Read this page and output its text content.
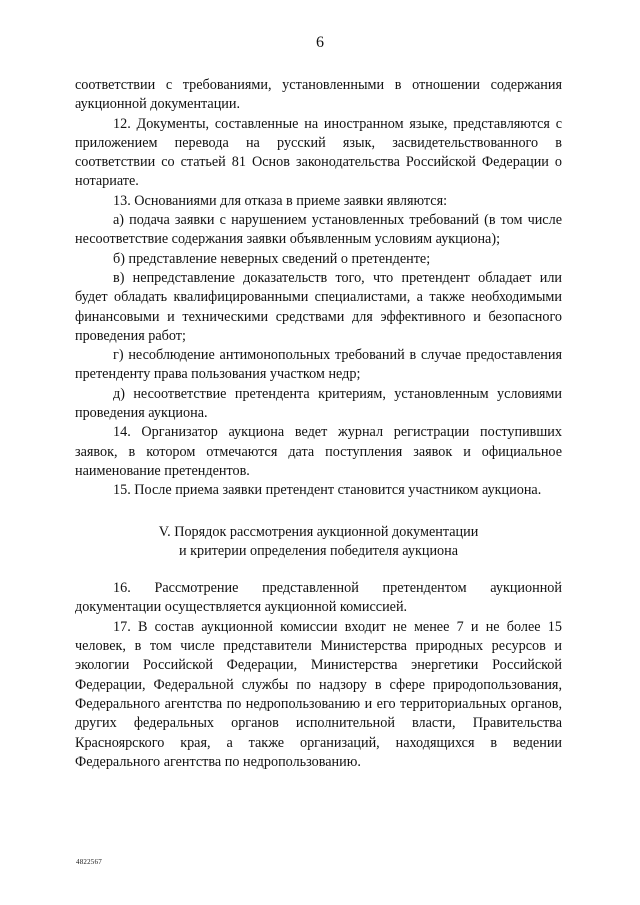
6

соответствии с требованиями, установленными в отношении содержания аукционной документации.

12. Документы, составленные на иностранном языке, представляются с приложением перевода на русский язык, засвидетельствованного в соответствии со статьей 81 Основ законодательства Российской Федерации о нотариате.

13. Основаниями для отказа в приеме заявки являются:

а) подача заявки с нарушением установленных требований (в том числе несоответствие содержания заявки объявленным условиям аукциона);

б) представление неверных сведений о претенденте;

в) непредставление доказательств того, что претендент обладает или будет обладать квалифицированными специалистами, а также необходимыми финансовыми и техническими средствами для эффективного и безопасного проведения работ;

г) несоблюдение антимонопольных требований в случае предоставления претенденту права пользования участком недр;

д) несоответствие претендента критериям, установленным условиями проведения аукциона.

14. Организатор аукциона ведет журнал регистрации поступивших заявок, в котором отмечаются дата поступления заявок и официальное наименование претендентов.

15. После приема заявки претендент становится участником аукциона.

V. Порядок рассмотрения аукционной документации
и критерии определения победителя аукциона

16. Рассмотрение представленной претендентом аукционной документации осуществляется аукционной комиссией.

17. В состав аукционной комиссии входит не менее 7 и не более 15 человек, в том числе представители Министерства природных ресурсов и экологии Российской Федерации, Министерства энергетики Российской Федерации, Федеральной службы по надзору в сфере природопользования, Федерального агентства по недропользованию и его территориальных органов, других федеральных органов исполнительной власти, Правительства Красноярского края, а также организаций, находящихся в ведении Федерального агентства по недропользованию.

4822567
